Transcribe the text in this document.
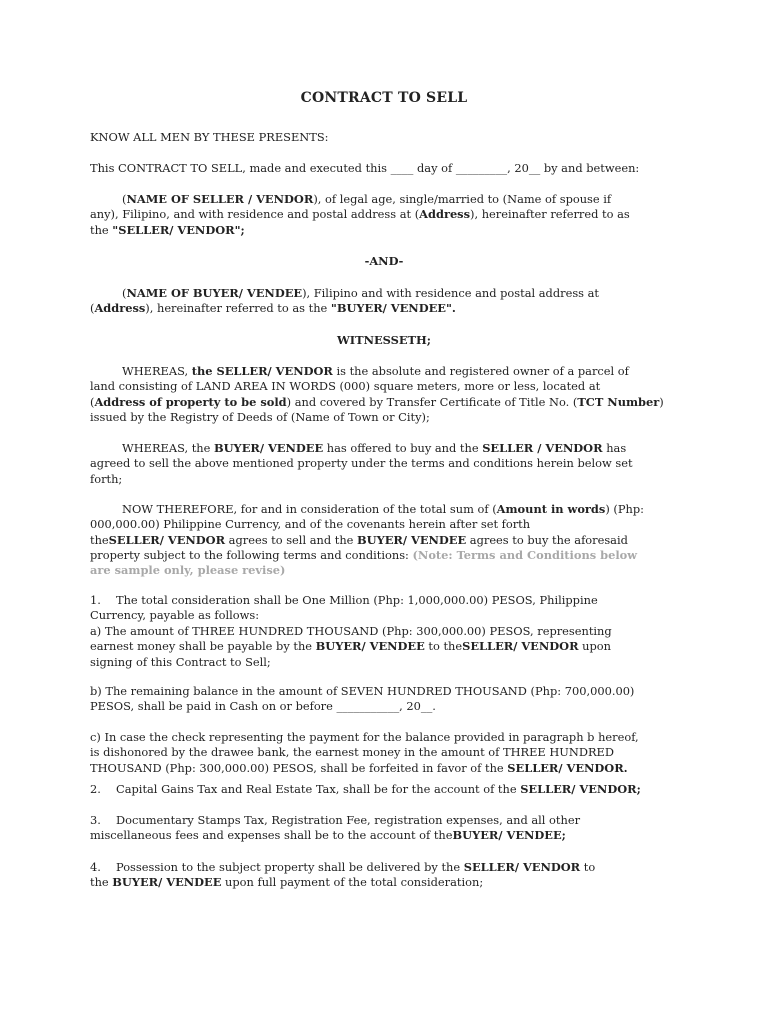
CONTRACT TO SELL

KNOW ALL MEN BY THESE PRESENTS:

This CONTRACT TO SELL, made and executed this ____ day of _________, 20__ by and between:

(NAME OF SELLER / VENDOR), of legal age, single/married to (Name of spouse if
any), Filipino, and with residence and postal address at (Address), hereinafter referred to as
the "SELLER/ VENDOR";
-AND-
(NAME OF BUYER/ VENDEE), Filipino and with residence and postal address at
(Address), hereinafter referred to as the "BUYER/ VENDEE".
WITNESSETH;
WHEREAS, the SELLER/ VENDOR is the absolute and registered owner of a parcel of
land consisting of LAND AREA IN WORDS (000) square meters, more or less, located at
(Address of property to be sold) and covered by Transfer Certificate of Title No. (TCT Number)
issued by the Registry of Deeds of (Name of Town or City);
WHEREAS, the BUYER/ VENDEE has offered to buy and the SELLER / VENDOR has
agreed to sell the above mentioned property under the terms and conditions herein below set
forth;
NOW THEREFORE, for and in consideration of the total sum of (Amount in words) (Php:
000,000.00) Philippine Currency, and of the covenants herein after set forth
theSELLER/ VENDOR agrees to sell and the BUYER/ VENDEE agrees to buy the aforesaid
property subject to the following terms and conditions: (Note: Terms and Conditions below
are sample only, please revise)
1. The total consideration shall be One Million (Php: 1,000,000.00) PESOS, Philippine
Currency, payable as follows:
a) The amount of THREE HUNDRED THOUSAND (Php: 300,000.00) PESOS, representing
earnest money shall be payable by the BUYER/ VENDEE to theSELLER/ VENDOR upon
signing of this Contract to Sell;
b) The remaining balance in the amount of SEVEN HUNDRED THOUSAND (Php: 700,000.00)
PESOS, shall be paid in Cash on or before ___________, 20__.
c) In case the check representing the payment for the balance provided in paragraph b hereof,
is dishonored by the drawee bank, the earnest money in the amount of THREE HUNDRED
THOUSAND (Php: 300,000.00) PESOS, shall be forfeited in favor of the SELLER/ VENDOR.
2. Capital Gains Tax and Real Estate Tax, shall be for the account of the SELLER/ VENDOR;
3. Documentary Stamps Tax, Registration Fee, registration expenses, and all other
miscellaneous fees and expenses shall be to the account of theBUYER/ VENDEE;
4. Possession to the subject property shall be delivered by the SELLER/ VENDOR to
the BUYER/ VENDEE upon full payment of the total consideration;
